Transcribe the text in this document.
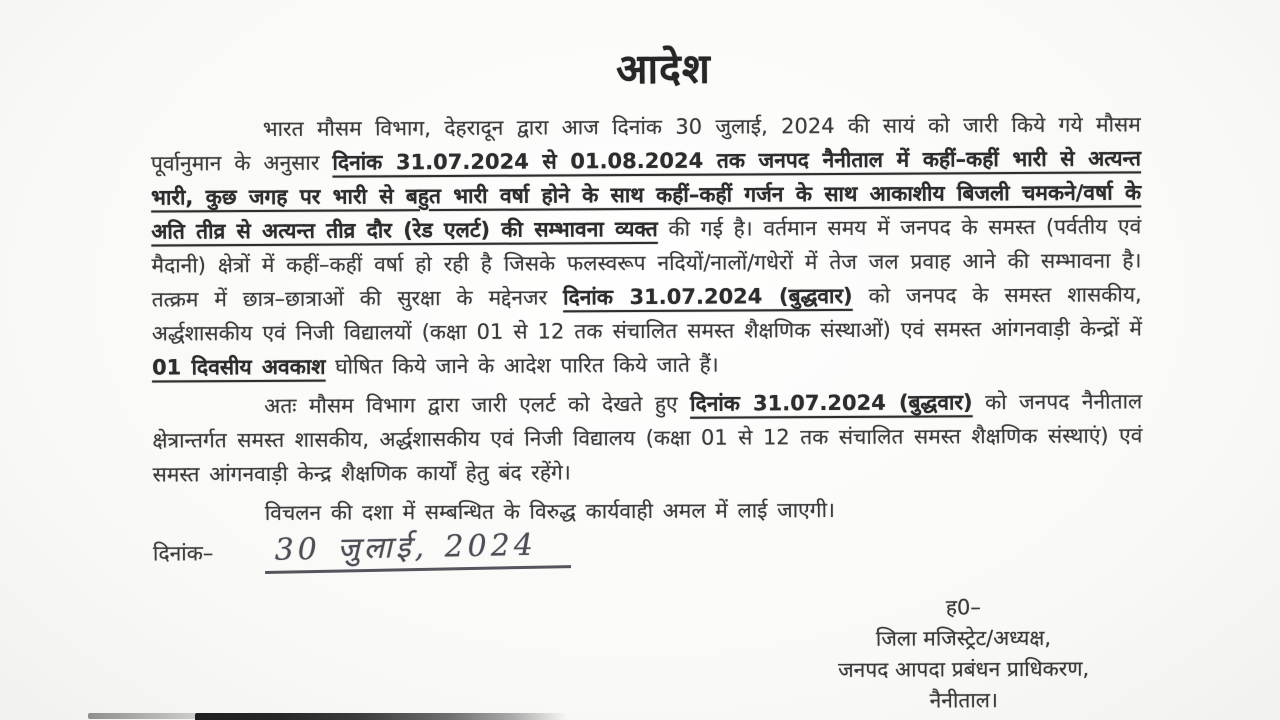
आदेश

भारत मौसम विभाग, देहरादून द्वारा आज दिनांक 30 जुलाई, 2024 की सायं को जारी किये गये मौसम पूर्वानुमान के अनुसार दिनांक 31.07.2024 से 01.08.2024 तक जनपद नैनीताल में कहीं–कहीं भारी से अत्यन्त भारी, कुछ जगह पर भारी से बहुत भारी वर्षा होने के साथ कहीं–कहीं गर्जन के साथ आकाशीय बिजली चमकने/वर्षा के अति तीव्र से अत्यन्त तीव्र दौर (रेड एलर्ट) की सम्भावना व्यक्त की गई है। वर्तमान समय में जनपद के समस्त (पर्वतीय एवं मैदानी) क्षेत्रों में कहीं–कहीं वर्षा हो रही है जिसके फलस्वरूप नदियों/नालों/गधेरों में तेज जल प्रवाह आने की सम्भावना है। तत्क्रम में छात्र–छात्राओं की सुरक्षा के मद्देनजर दिनांक 31.07.2024 (बुद्धवार) को जनपद के समस्त शासकीय, अर्द्धशासकीय एवं निजी विद्यालयों (कक्षा 01 से 12 तक संचालित समस्त शैक्षणिक संस्थाओं) एवं समस्त आंगनवाड़ी केन्द्रों में 01 दिवसीय अवकाश घोषित किये जाने के आदेश पारित किये जाते हैं।

अतः मौसम विभाग द्वारा जारी एलर्ट को देखते हुए दिनांक 31.07.2024 (बुद्धवार) को जनपद नैनीताल क्षेत्रान्तर्गत समस्त शासकीय, अर्द्धशासकीय एवं निजी विद्यालय (कक्षा 01 से 12 तक संचालित समस्त शैक्षणिक संस्थाएं) एवं समस्त आंगनवाड़ी केन्द्र शैक्षणिक कार्यों हेतु बंद रहेंगे।

विचलन की दशा में सम्बन्धित के विरुद्ध कार्यवाही अमल में लाई जाएगी।

दिनांक– 30 जुलाई, 2024
ह0–
जिला मजिस्ट्रेट/अध्यक्ष,
जनपद आपदा प्रबंधन प्राधिकरण,
नैनीताल।
